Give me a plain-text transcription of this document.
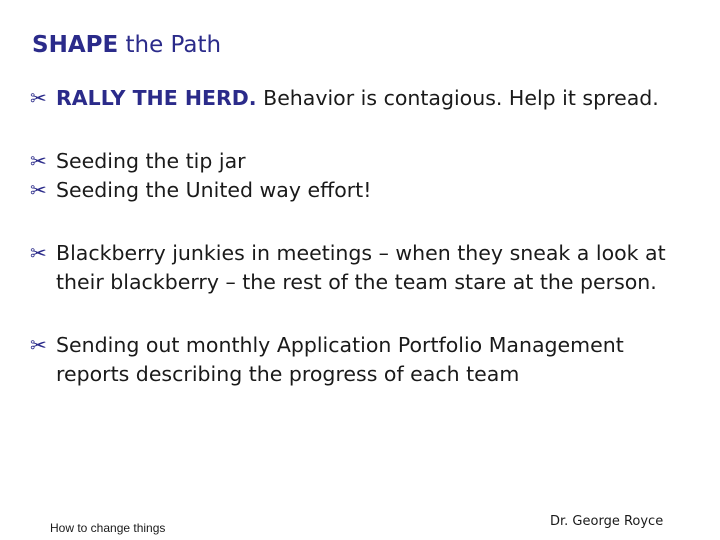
SHAPE the Path
✂ RALLY THE HERD. Behavior is contagious. Help it spread.
✂ Seeding the tip jar
✂ Seeding the United way effort!
✂ Blackberry junkies in meetings – when they sneak a look at their blackberry – the rest of the team stare at the person.
✂ Sending out monthly Application Portfolio Management reports describing the progress of each team
How to change things	Dr. George Royce
